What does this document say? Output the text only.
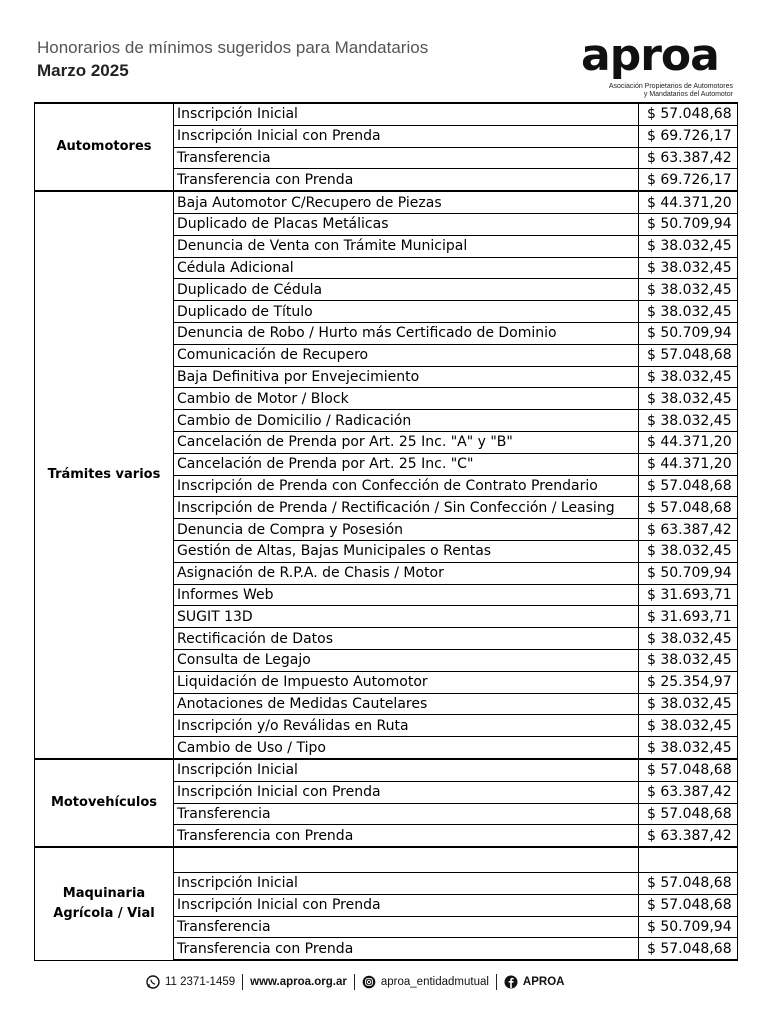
Honorarios de mínimos sugeridos para Mandatarios
Marzo 2025	aproa
Asociación Propietarios de Automotores
y Mandatarios del Automotor
Automotores	Inscripción Inicial	$ 57.048,68
	Inscripción Inicial con Prenda	$ 69.726,17
	Transferencia	$ 63.387,42
	Transferencia con Prenda	$ 69.726,17
Trámites varios	Baja Automotor C/Recupero de Piezas	$ 44.371,20
	Duplicado de Placas Metálicas	$ 50.709,94
	Denuncia de Venta con Trámite Municipal	$ 38.032,45
	Cédula Adicional	$ 38.032,45
	Duplicado de Cédula	$ 38.032,45
	Duplicado de Título	$ 38.032,45
	Denuncia de Robo / Hurto más Certificado de Dominio	$ 50.709,94
	Comunicación de Recupero	$ 57.048,68
	Baja Definitiva por Envejecimiento	$ 38.032,45
	Cambio de Motor / Block	$ 38.032,45
	Cambio de Domicilio / Radicación	$ 38.032,45
	Cancelación de Prenda por Art. 25 Inc. "A" y "B"	$ 44.371,20
	Cancelación de Prenda por Art. 25 Inc. "C"	$ 44.371,20
	Inscripción de Prenda con Confección de Contrato Prendario	$ 57.048,68
	Inscripción de Prenda / Rectificación / Sin Confección / Leasing	$ 57.048,68
	Denuncia de Compra y Posesión	$ 63.387,42
	Gestión de Altas, Bajas Municipales o Rentas	$ 38.032,45
	Asignación de R.P.A. de Chasis / Motor	$ 50.709,94
	Informes Web	$ 31.693,71
	SUGIT 13D	$ 31.693,71
	Rectificación de Datos	$ 38.032,45
	Consulta de Legajo	$ 38.032,45
	Liquidación de Impuesto Automotor	$ 25.354,97
	Anotaciones de Medidas Cautelares	$ 38.032,45
	Inscripción y/o Reválidas en Ruta	$ 38.032,45
	Cambio de Uso / Tipo	$ 38.032,45
Motovehículos	Inscripción Inicial	$ 57.048,68
	Inscripción Inicial con Prenda	$ 63.387,42
	Transferencia	$ 57.048,68
	Transferencia con Prenda	$ 63.387,42
Maquinaria Agrícola / Vial		
	Inscripción Inicial	$ 57.048,68
	Inscripción Inicial con Prenda	$ 57.048,68
	Transferencia	$ 50.709,94
	Transferencia con Prenda	$ 57.048,68
11 2371-1459 www.aproa.org.ar	aproa_entidadmutual	APROA
